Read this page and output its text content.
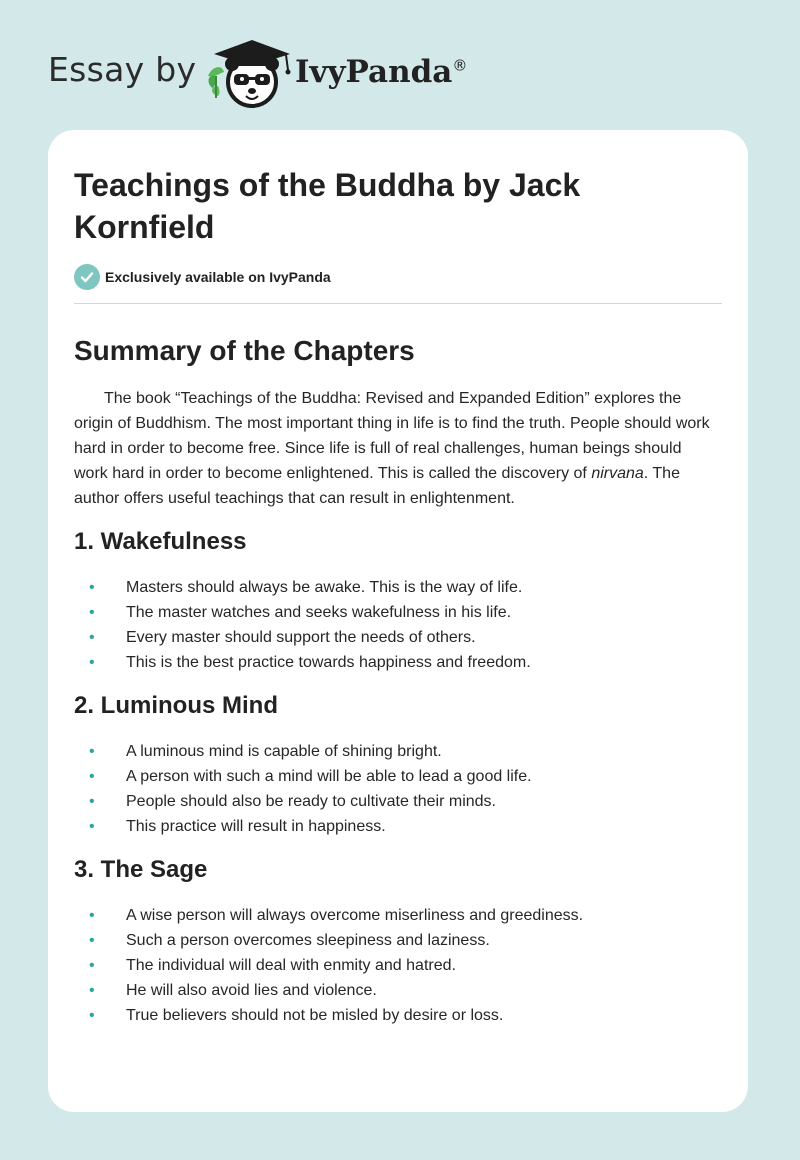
Essay by	IvyPanda®
Teachings of the Buddha by Jack Kornfield
Exclusively available on IvyPanda
Summary of the Chapters

The book “Teachings of the Buddha: Revised and Expanded Edition” explores the origin of Buddhism. The most important thing in life is to find the truth. People should work hard in order to become free. Since life is full of real challenges, human beings should work hard in order to become enlightened. This is called the discovery of nirvana. The author offers useful teachings that can result in enlightenment.

1. Wakefulness
• Masters should always be awake. This is the way of life.
• The master watches and seeks wakefulness in his life.
• Every master should support the needs of others.
• This is the best practice towards happiness and freedom.
2. Luminous Mind
• A luminous mind is capable of shining bright.
• A person with such a mind will be able to lead a good life.
• People should also be ready to cultivate their minds.
• This practice will result in happiness.
3. The Sage
• A wise person will always overcome miserliness and greediness.
• Such a person overcomes sleepiness and laziness.
• The individual will deal with enmity and hatred.
• He will also avoid lies and violence.
• True believers should not be misled by desire or loss.
